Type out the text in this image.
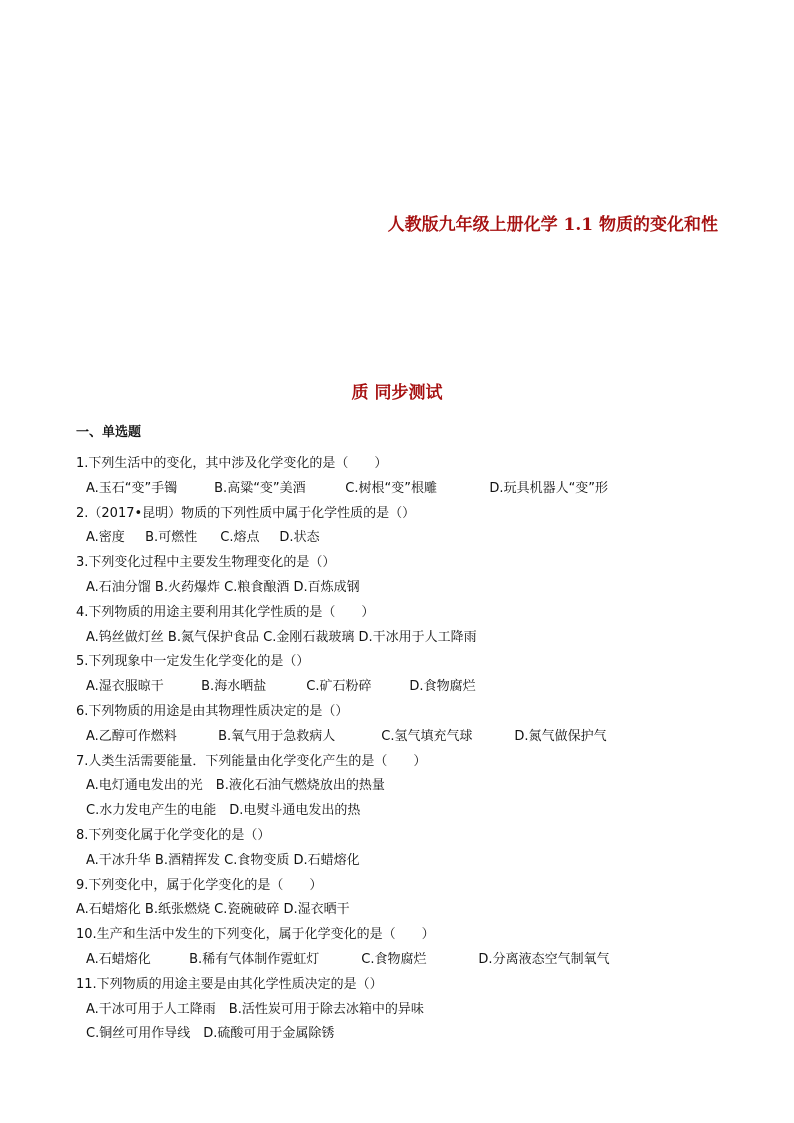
人教版九年级上册化学 1.1 物质的变化和性
质 同步测试
一、单选题
1.下列生活中的变化，其中涉及化学变化的是（　　）
A.玉石“变”手镯	B.高粱“变”美酒	C.树根“变”根雕	D.玩具机器人“变”形
2.（2017•昆明）物质的下列性质中属于化学性质的是（）
A.密度 B.可燃性 C.熔点 D.状态
3.下列变化过程中主要发生物理变化的是（）
A.石油分馏 B.火药爆炸 C.粮食酿酒 D.百炼成钢
4.下列物质的用途主要利用其化学性质的是（　　）
A.钨丝做灯丝 B.氮气保护食品 C.金刚石裁玻璃 D.干冰用于人工降雨
5.下列现象中一定发生化学变化的是（）
A.湿衣服晾干	B.海水晒盐	C.矿石粉碎	D.食物腐烂
6.下列物质的用途是由其物理性质决定的是（）
A.乙醇可作燃料	B.氧气用于急救病人	C.氢气填充气球	D.氮气做保护气
7.人类生活需要能量．下列能量由化学变化产生的是（　　）
A.电灯通电发出的光　B.液化石油气燃烧放出的热量
C.水力发电产生的电能　D.电熨斗通电发出的热
8.下列变化属于化学变化的是（）
A.干冰升华 B.酒精挥发 C.食物变质 D.石蜡熔化
9.下列变化中，属于化学变化的是（　　）
A.石蜡熔化 B.纸张燃烧 C.瓷碗破碎 D.湿衣晒干
10.生产和生活中发生的下列变化，属于化学变化的是（　　）
A.石蜡熔化	B.稀有气体制作霓虹灯	C.食物腐烂	D.分离液态空气制氧气
11.下列物质的用途主要是由其化学性质决定的是（）
A.干冰可用于人工降雨　B.活性炭可用于除去冰箱中的异味
C.铜丝可用作导线　D.硫酸可用于金属除锈
